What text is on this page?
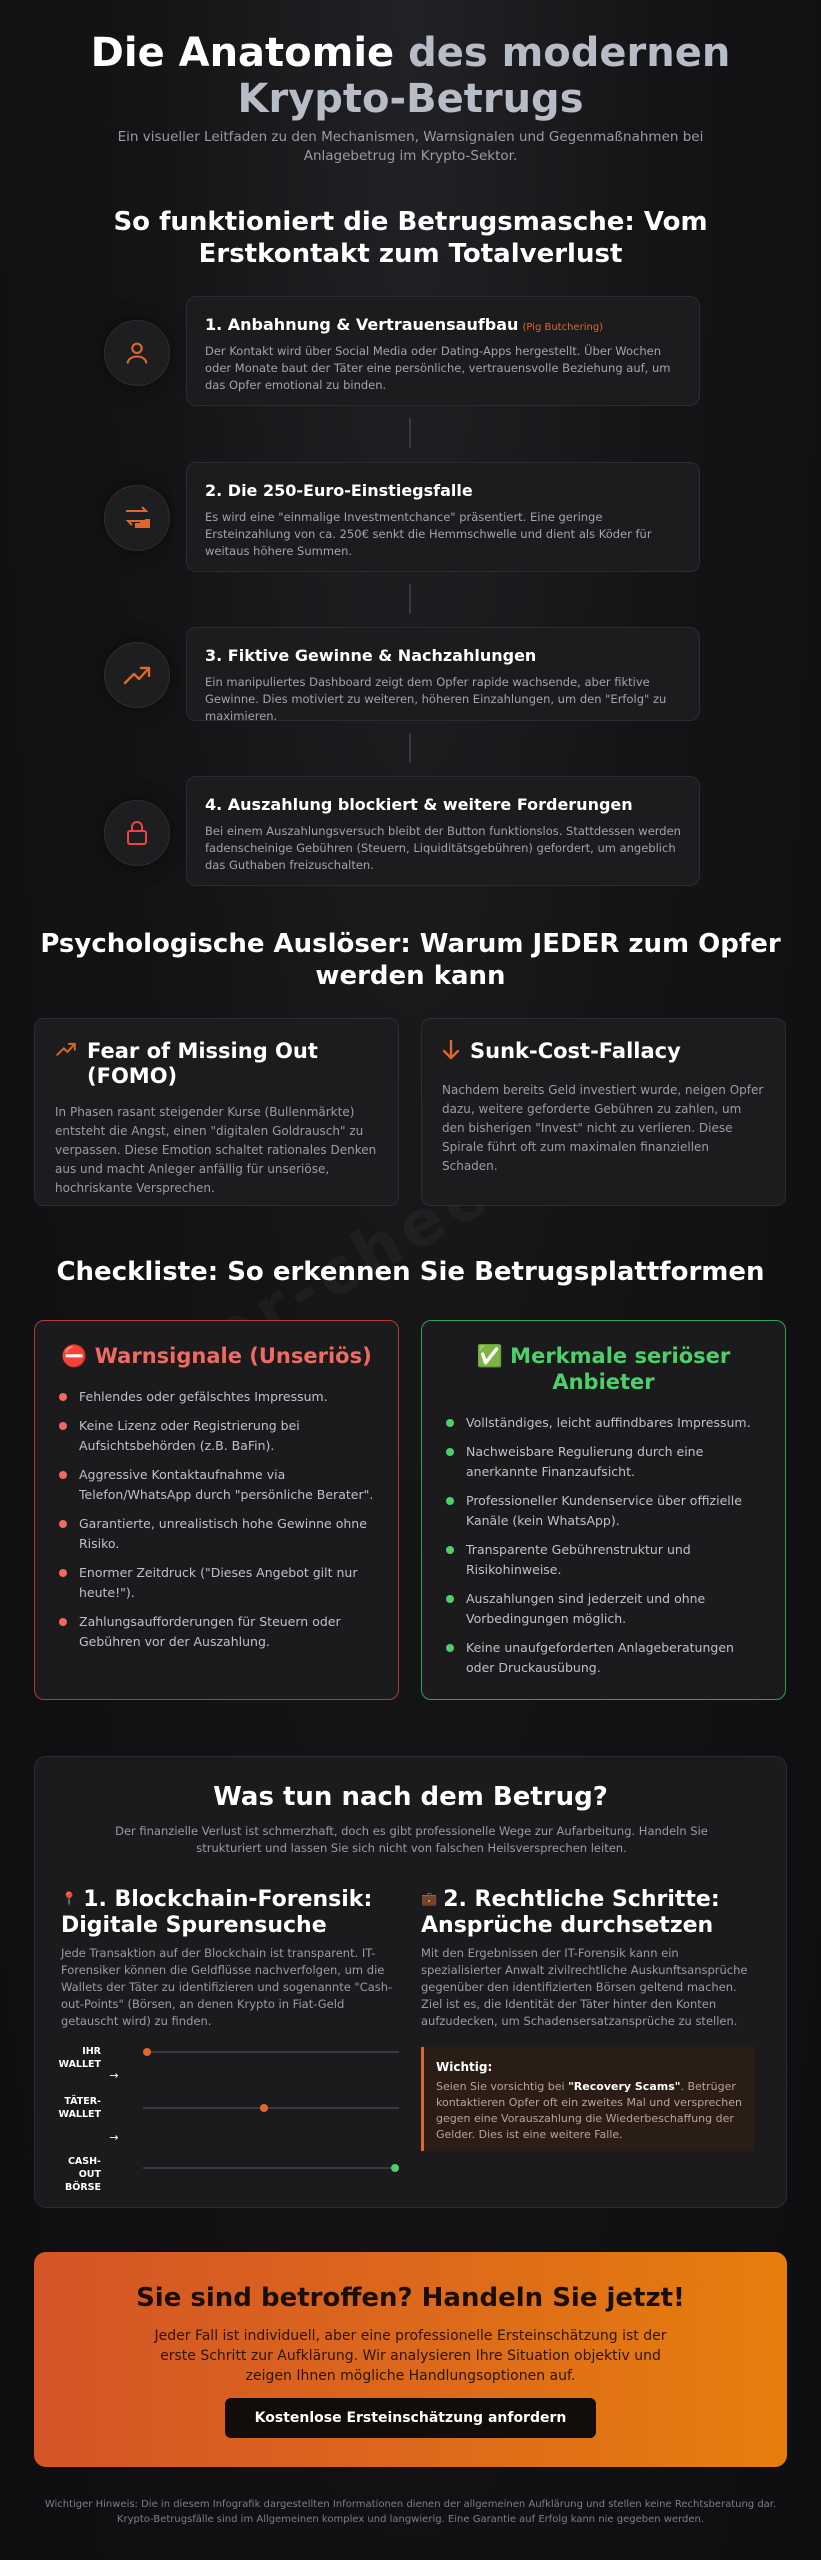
Die Anatomie des modernen
Krypto-Betrugs
Ein visueller Leitfaden zu den Mechanismen, Warnsignalen und Gegenmaßnahmen bei Anlagebetrug im Krypto-Sektor.
So funktioniert die Betrugsmasche: Vom Erstkontakt zum Totalverlust
1. Anbahnung & Vertrauensaufbau (Pig Butchering)

Der Kontakt wird über Social Media oder Dating-Apps hergestellt. Über Wochen oder Monate baut der Täter eine persönliche, vertrauensvolle Beziehung auf, um das Opfer emotional zu binden.

2. Die 250-Euro-Einstiegsfalle

Es wird eine "einmalige Investmentchance" präsentiert. Eine geringe Ersteinzahlung von ca. 250€ senkt die Hemmschwelle und dient als Köder für weitaus höhere Summen.

3. Fiktive Gewinne & Nachzahlungen

Ein manipuliertes Dashboard zeigt dem Opfer rapide wachsende, aber fiktive Gewinne. Dies motiviert zu weiteren, höheren Einzahlungen, um den "Erfolg" zu maximieren.

4. Auszahlung blockiert & weitere Forderungen

Bei einem Auszahlungsversuch bleibt der Button funktionslos. Stattdessen werden fadenscheinige Gebühren (Steuern, Liquiditätsgebühren) gefordert, um angeblich das Guthaben freizuschalten.

Psychologische Auslöser: Warum JEDER zum Opfer werden kann
Fear of Missing Out (FOMO)

In Phasen rasant steigender Kurse (Bullenmärkte) entsteht die Angst, einen "digitalen Goldrausch" zu verpassen. Diese Emotion schaltet rationales Denken aus und macht Anleger anfällig für unseriöse, hochriskante Versprechen.

Sunk-Cost-Fallacy

Nachdem bereits Geld investiert wurde, neigen Opfer dazu, weitere geforderte Gebühren zu zahlen, um den bisherigen "Invest" nicht zu verlieren. Diese Spirale führt oft zum maximalen finanziellen Schaden.

Checkliste: So erkennen Sie Betrugsplattformen
⛔ Warnsignale (Unseriös)
Fehlendes oder gefälschtes Impressum.
Keine Lizenz oder Registrierung bei Aufsichtsbehörden (z.B. BaFin).
Aggressive Kontaktaufnahme via Telefon/WhatsApp durch "persönliche Berater".
Garantierte, unrealistisch hohe Gewinne ohne Risiko.
Enormer Zeitdruck ("Dieses Angebot gilt nur heute!").
Zahlungsaufforderungen für Steuern oder Gebühren vor der Auszahlung.
✅ Merkmale seriöser Anbieter
Vollständiges, leicht auffindbares Impressum.
Nachweisbare Regulierung durch eine anerkannte Finanzaufsicht.
Professioneller Kundenservice über offizielle Kanäle (kein WhatsApp).
Transparente Gebührenstruktur und Risikohinweise.
Auszahlungen sind jederzeit und ohne Vorbedingungen möglich.
Keine unaufgeforderten Anlageberatungen oder Druckausübung.
Was tun nach dem Betrug?
Der finanzielle Verlust ist schmerzhaft, doch es gibt professionelle Wege zur Aufarbeitung. Handeln Sie strukturiert und lassen Sie sich nicht von falschen Heilsversprechen leiten.
📍 1. Blockchain-Forensik: Digitale Spurensuche
Jede Transaktion auf der Blockchain ist transparent. IT-Forensiker können die Geldflüsse nachverfolgen, um die Wallets der Täter zu identifizieren und sogenannte "Cash-out-Points" (Börsen, an denen Krypto in Fiat-Geld getauscht wird) zu finden.
IHR WALLET
→
TÄTER-WALLET
→
CASH-OUT BÖRSE
💼 2. Rechtliche Schritte: Ansprüche durchsetzen
Mit den Ergebnissen der IT-Forensik kann ein spezialisierter Anwalt zivilrechtliche Auskunftsansprüche gegenüber den identifizierten Börsen geltend machen. Ziel ist es, die Identität der Täter hinter den Konten aufzudecken, um Schadensersatzansprüche zu stellen.
Wichtig:
Seien Sie vorsichtig bei "Recovery Scams". Betrüger kontaktieren Opfer oft ein zweites Mal und versprechen gegen eine Vorauszahlung die Wiederbeschaffung der Gelder. Dies ist eine weitere Falle.
Sie sind betroffen? Handeln Sie jetzt!

Jeder Fall ist individuell, aber eine professionelle Ersteinschätzung ist der erste Schritt zur Aufklärung. Wir analysieren Ihre Situation objektiv und zeigen Ihnen mögliche Handlungsoptionen auf.

Kostenlose Ersteinschätzung anfordern
Wichtiger Hinweis: Die in diesem Infografik dargestellten Informationen dienen der allgemeinen Aufklärung und stellen keine Rechtsberatung dar. Krypto-Betrugsfälle sind im Allgemeinen komplex und langwierig. Eine Garantie auf Erfolg kann nie gegeben werden.
